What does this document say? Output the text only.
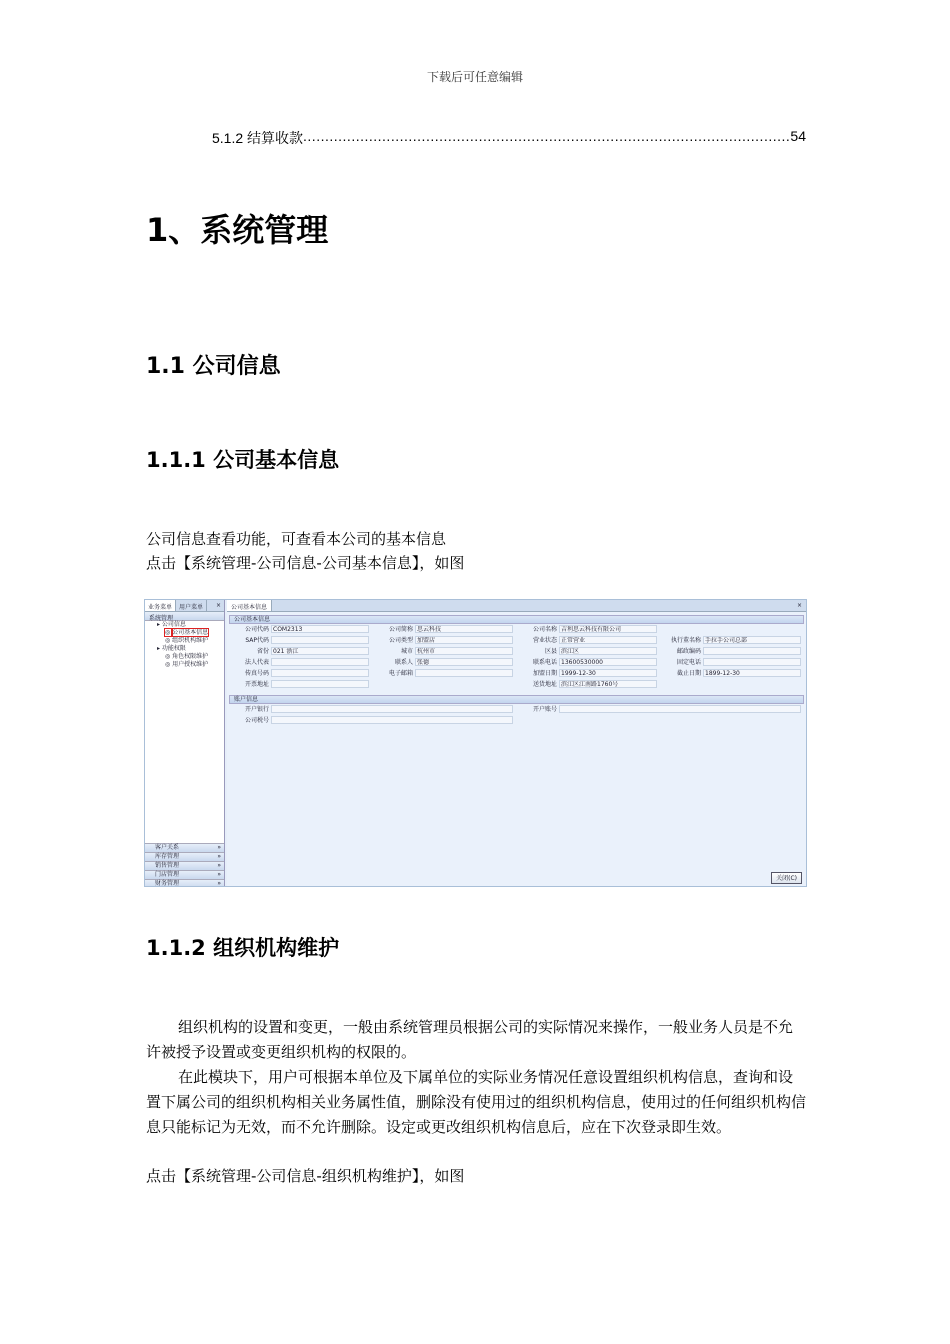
下载后可任意编辑
5.1.2 结算收款
.....	54
1、系统管理
1.1 公司信息
1.1.1 公司基本信息
公司信息查看功能，可查看本公司的基本信息
点击【系统管理-公司信息-公司基本信息】，如图
业务菜单	用户菜单	×
系统管理
▸ 公司信息
◎ 公司基本信息
◎ 组织机构维护
▸ 功能权限
◎ 角色权限维护
◎ 用户授权维护
客户关系	»
库存管理	»
销售管理	»
门店管理	»
财务管理	»
公司基本信息	×
公司基本信息
公司代码 COM2313	公司简称 思云科技	公司名称 吉利思云科技有限公司
SAP代码	公司类型 加盟店	营业状态 正常营业	执行董名称 手拉手公司总部
省份 021 浙江	城市 杭州市	区县 滨江区	邮政编码
法人代表	联系人 张德	联系电话 13600530000	固定电话
传真号码	电子邮箱	加盟日期 1999-12-30	截止日期 1899-12-30
开票地址	送货地址 滨江区江南路1760号
账户信息
开户银行	开户账号
公司税号
关闭(C)
1.1.2 组织机构维护
组织机构的设置和变更，一般由系统管理员根据公司的实际情况来操作，一般业务人员是不允许被授予设置或变更组织机构的权限的。
在此模块下，用户可根据本单位及下属单位的实际业务情况任意设置组织机构信息，查询和设置下属公司的组织机构相关业务属性值，删除没有使用过的组织机构信息，使用过的任何组织机构信息只能标记为无效，而不允许删除。设定或更改组织机构信息后，应在下次登录即生效。
点击【系统管理-公司信息-组织机构维护】，如图
